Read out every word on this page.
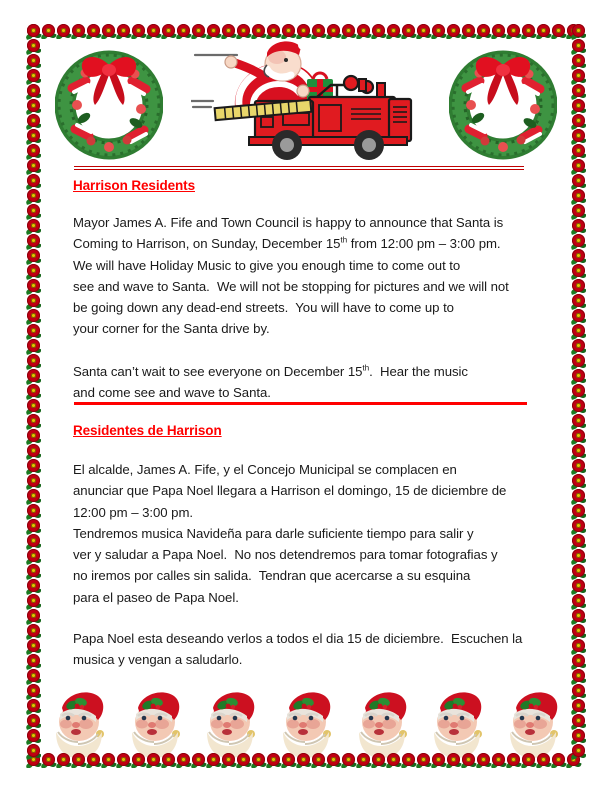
Harrison Residents

Mayor James A. Fife and Town Council is happy to announce that Santa is
Coming to Harrison, on Sunday, December 15th from 12:00 pm – 3:00 pm.
We will have Holiday Music to give you enough time to come out to
see and wave to Santa.  We will not be stopping for pictures and we will not
be going down any dead-end streets.  You will have to come up to
your corner for the Santa drive by.

Santa can’t wait to see everyone on December 15th.  Hear the music
and come see and wave to Santa.

Residentes de Harrison

El alcalde, James A. Fife, y el Concejo Municipal se complacen en
anunciar que Papa Noel llegara a Harrison el domingo, 15 de diciembre de
12:00 pm – 3:00 pm.
Tendremos musica Navideña para darle suficiente tiempo para salir y
ver y saludar a Papa Noel.  No nos detendremos para tomar fotografias y
no iremos por calles sin salida.  Tendran que acercarse a su esquina
para el paseo de Papa Noel.

Papa Noel esta deseando verlos a todos el dia 15 de diciembre.  Escuchen la
musica y vengan a saludarlo.
